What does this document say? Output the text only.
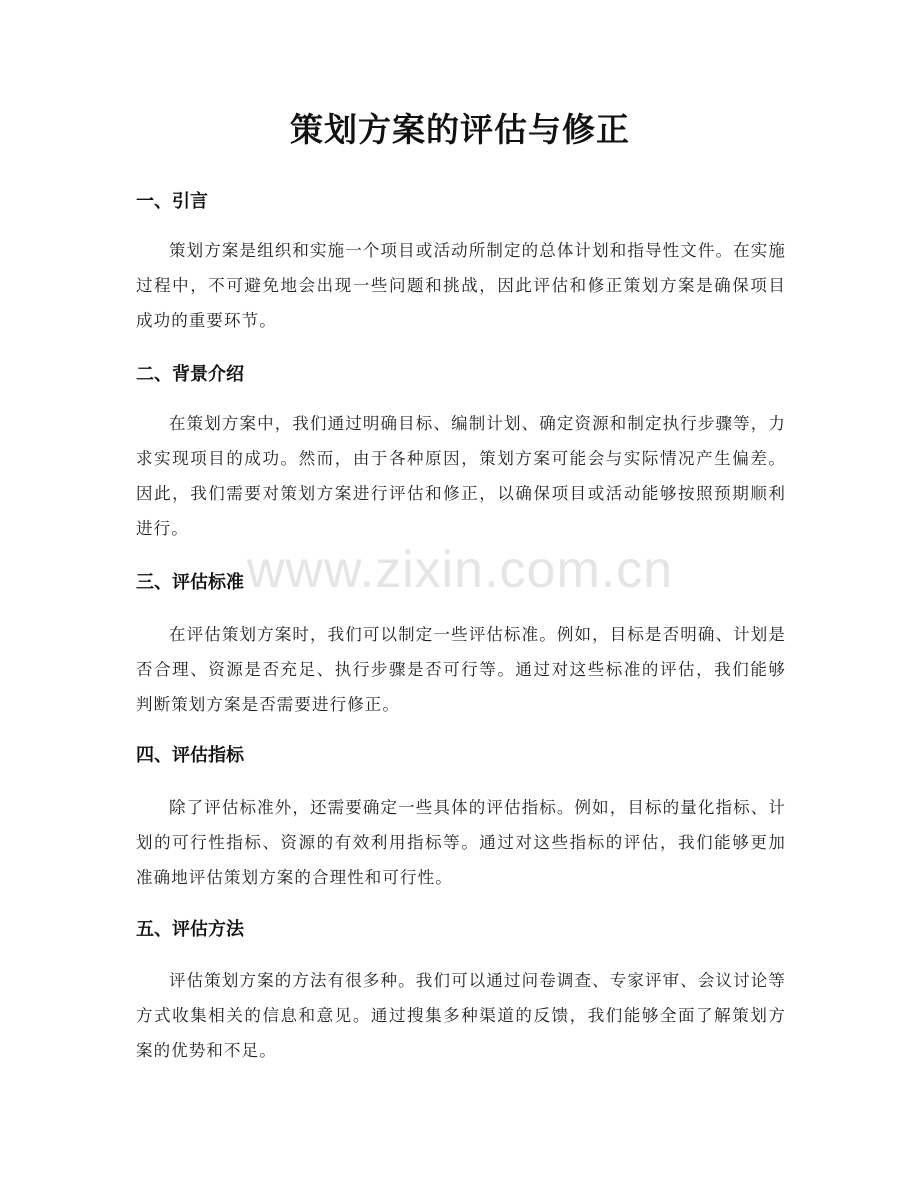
策划方案的评估与修正
一、引言
策划方案是组织和实施一个项目或活动所制定的总体计划和指导性文件。在实施过程中，不可避免地会出现一些问题和挑战，因此评估和修正策划方案是确保项目成功的重要环节。
二、背景介绍
在策划方案中，我们通过明确目标、编制计划、确定资源和制定执行步骤等，力求实现项目的成功。然而，由于各种原因，策划方案可能会与实际情况产生偏差。因此，我们需要对策划方案进行评估和修正，以确保项目或活动能够按照预期顺利进行。
三、评估标准
在评估策划方案时，我们可以制定一些评估标准。例如，目标是否明确、计划是否合理、资源是否充足、执行步骤是否可行等。通过对这些标准的评估，我们能够判断策划方案是否需要进行修正。
四、评估指标
除了评估标准外，还需要确定一些具体的评估指标。例如，目标的量化指标、计划的可行性指标、资源的有效利用指标等。通过对这些指标的评估，我们能够更加准确地评估策划方案的合理性和可行性。
五、评估方法
评估策划方案的方法有很多种。我们可以通过问卷调查、专家评审、会议讨论等方式收集相关的信息和意见。通过搜集多种渠道的反馈，我们能够全面了解策划方案的优势和不足。
www.zixin.com.cn
